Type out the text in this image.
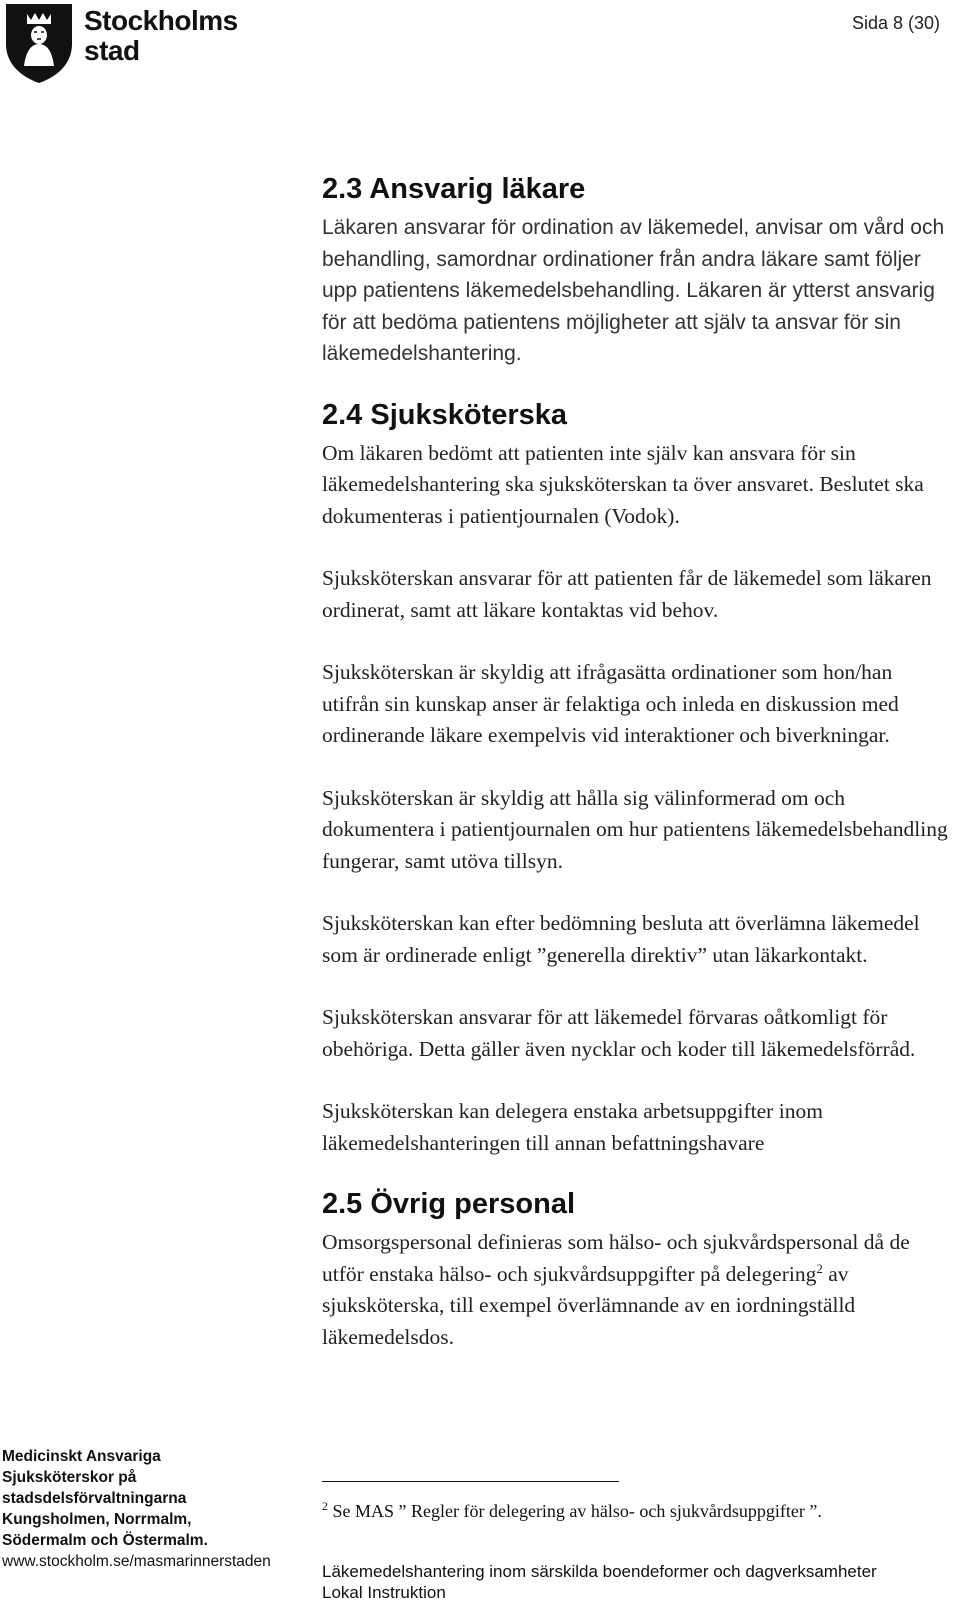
Stockholms
stad
Sida 8 (30)
2.3 Ansvarig läkare

Läkaren ansvarar för ordination av läkemedel, anvisar om vård och behandling, samordnar ordinationer från andra läkare samt följer upp patientens läkemedelsbehandling. Läkaren är ytterst ansvarig för att bedöma patientens möjligheter att själv ta ansvar för sin läkemedelshantering.

2.4 Sjuksköterska

Om läkaren bedömt att patienten inte själv kan ansvara för sin läkemedelshantering ska sjuksköterskan ta över ansvaret. Beslutet ska dokumenteras i patientjournalen (Vodok).

Sjuksköterskan ansvarar för att patienten får de läkemedel som läkaren ordinerat, samt att läkare kontaktas vid behov.

Sjuksköterskan är skyldig att ifrågasätta ordinationer som hon/han utifrån sin kunskap anser är felaktiga och inleda en diskussion med ordinerande läkare exempelvis vid interaktioner och biverkningar.

Sjuksköterskan är skyldig att hålla sig välinformerad om och dokumentera i patientjournalen om hur patientens läkemedelsbehandling fungerar, samt utöva tillsyn.

Sjuksköterskan kan efter bedömning besluta att överlämna läkemedel som är ordinerade enligt ”generella direktiv” utan läkarkontakt.

Sjuksköterskan ansvarar för att läkemedel förvaras oåtkomligt för obehöriga. Detta gäller även nycklar och koder till läkemedelsförråd.

Sjuksköterskan kan delegera enstaka arbetsuppgifter inom läkemedelshanteringen till annan befattningshavare

2.5 Övrig personal

Omsorgspersonal definieras som hälso- och sjukvårdspersonal då de utför enstaka hälso- och sjukvårdsuppgifter på delegering$^2$ av sjuksköterska, till exempel överlämnande av en iordningställd läkemedelsdos.

Medicinskt Ansvariga
Sjuksköterskor på
stadsdelsförvaltningarna
Kungsholmen, Norrmalm,
Södermalm och Östermalm.
www.stockholm.se/masmarinnerstaden
$^2$ Se MAS ” Regler för delegering av hälso- och sjukvårdsuppgifter ”.
Läkemedelshantering inom särskilda boendeformer och dagverksamheter
Lokal Instruktion
